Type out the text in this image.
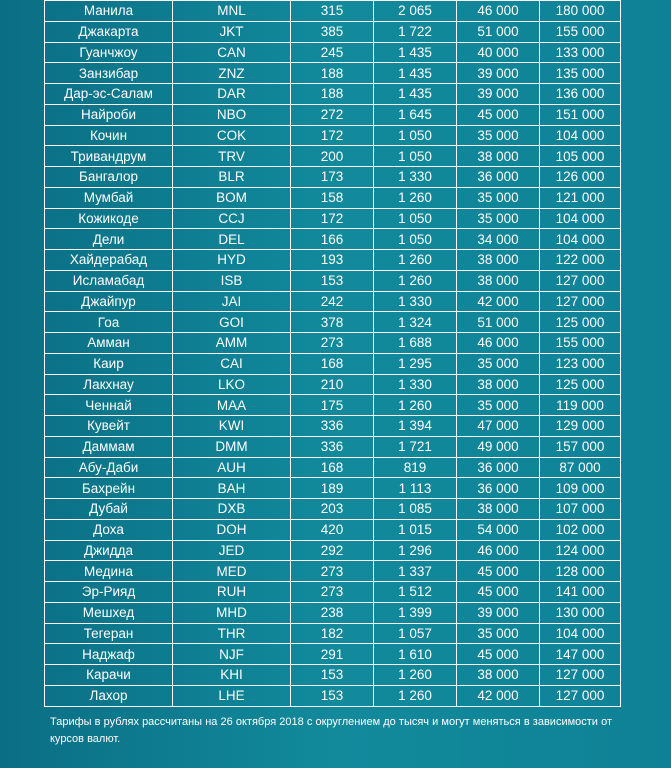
Манила	MNL	315	2 065	46 000	180 000
Джакарта	JKT	385	1 722	51 000	155 000
Гуанчжоу	CAN	245	1 435	40 000	133 000
Занзибар	ZNZ	188	1 435	39 000	135 000
Дар-эс-Салам	DAR	188	1 435	39 000	136 000
Найроби	NBO	272	1 645	45 000	151 000
Кочин	COK	172	1 050	35 000	104 000
Тривандрум	TRV	200	1 050	38 000	105 000
Бангалор	BLR	173	1 330	36 000	126 000
Мумбай	BOM	158	1 260	35 000	121 000
Кожикоде	CCJ	172	1 050	35 000	104 000
Дели	DEL	166	1 050	34 000	104 000
Хайдерабад	HYD	193	1 260	38 000	122 000
Исламабад	ISB	153	1 260	38 000	127 000
Джайпур	JAI	242	1 330	42 000	127 000
Гоа	GOI	378	1 324	51 000	125 000
Амман	AMM	273	1 688	46 000	155 000
Каир	CAI	168	1 295	35 000	123 000
Лакхнау	LKO	210	1 330	38 000	125 000
Ченнай	MAA	175	1 260	35 000	119 000
Кувейт	KWI	336	1 394	47 000	129 000
Даммам	DMM	336	1 721	49 000	157 000
Абу-Даби	AUH	168	819	36 000	87 000
Бахрейн	BAH	189	1 113	36 000	109 000
Дубай	DXB	203	1 085	38 000	107 000
Доха	DOH	420	1 015	54 000	102 000
Джидда	JED	292	1 296	46 000	124 000
Медина	MED	273	1 337	45 000	128 000
Эр-Рияд	RUH	273	1 512	45 000	141 000
Мешхед	MHD	238	1 399	39 000	130 000
Тегеран	THR	182	1 057	35 000	104 000
Наджаф	NJF	291	1 610	45 000	147 000
Карачи	KHI	153	1 260	38 000	127 000
Лахор	LHE	153	1 260	42 000	127 000
Тарифы в рублях рассчитаны на 26 октября 2018 с округлением до тысяч и могут меняться в зависимости от курсов валют.
